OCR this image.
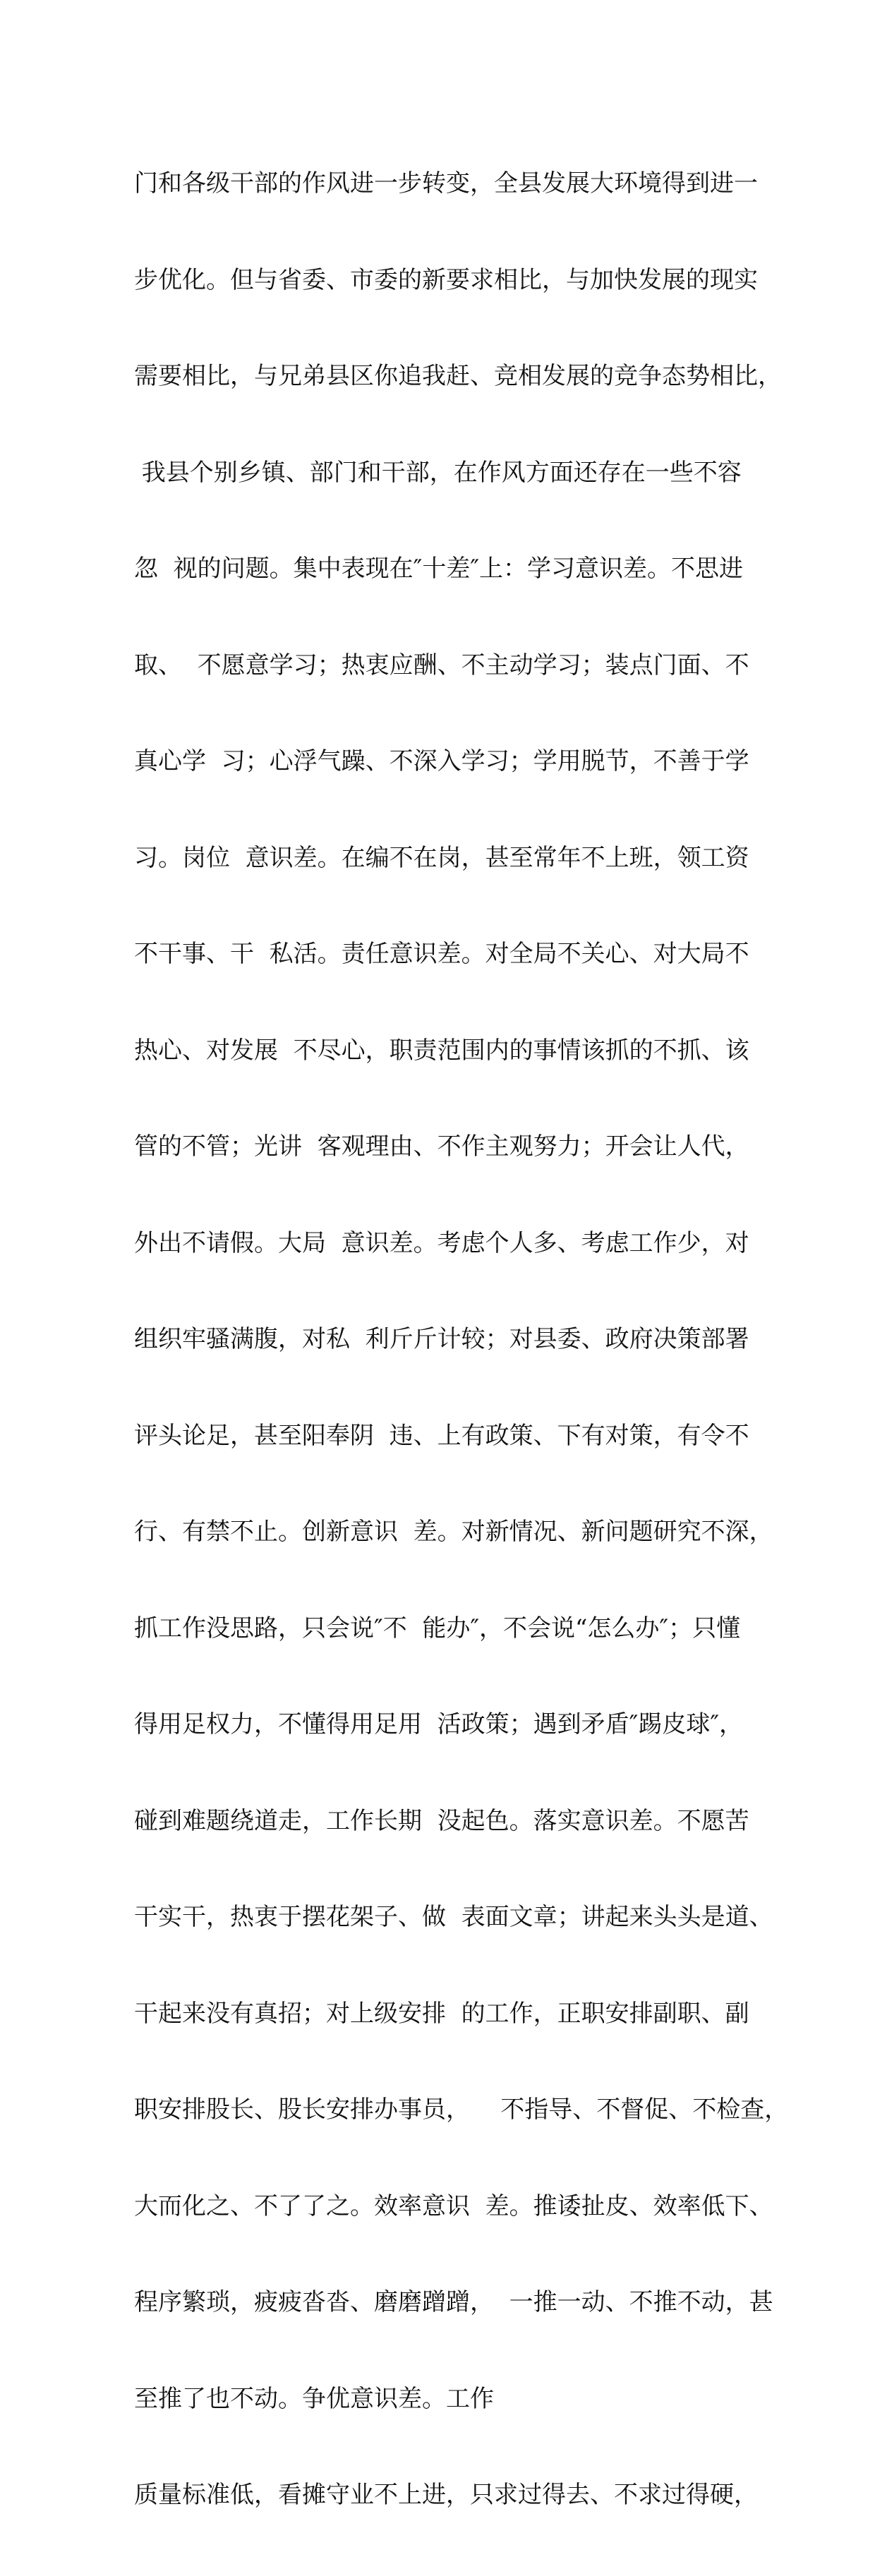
门和各级干部的作风进一步转变，全县发展大环境得到进一

步优化。但与省委、市委的新要求相比，与加快发展的现实

需要相比，与兄弟县区你追我赶、竞相发展的竞争态势相比，

我县个别乡镇、部门和干部，在作风方面还存在一些不容

忽  视的问题。集中表现在″十差″上：学习意识差。不思进

取、  不愿意学习；热衷应酬、不主动学习；装点门面、不

真心学  习；心浮气躁、不深入学习；学用脱节，不善于学

习。岗位  意识差。在编不在岗，甚至常年不上班，领工资

不干事、干  私活。责任意识差。对全局不关心、对大局不

热心、对发展  不尽心，职责范围内的事情该抓的不抓、该

管的不管；光讲  客观理由、不作主观努力；开会让人代，

外出不请假。大局  意识差。考虑个人多、考虑工作少，对

组织牢骚满腹，对私  利斤斤计较；对县委、政府决策部署

评头论足，甚至阳奉阴  违、上有政策、下有对策，有令不

行、有禁不止。创新意识  差。对新情况、新问题研究不深，

抓工作没思路，只会说″不  能办″，不会说“怎么办″；只懂

得用足权力，不懂得用足用  活政策；遇到矛盾″踢皮球″，

碰到难题绕道走，工作长期  没起色。落实意识差。不愿苦

干实干，热衷于摆花架子、做  表面文章；讲起来头头是道、

干起来没有真招；对上级安排  的工作，正职安排副职、副

职安排股长、股长安排办事员，    不指导、不督促、不检查，

大而化之、不了了之。效率意识  差。推诿扯皮、效率低下、

程序繁琐，疲疲沓沓、磨磨蹭蹭，  一推一动、不推不动，甚

至推了也不动。争优意识差。工作

质量标准低，看摊守业不上进，只求过得去、不求过得硬，
